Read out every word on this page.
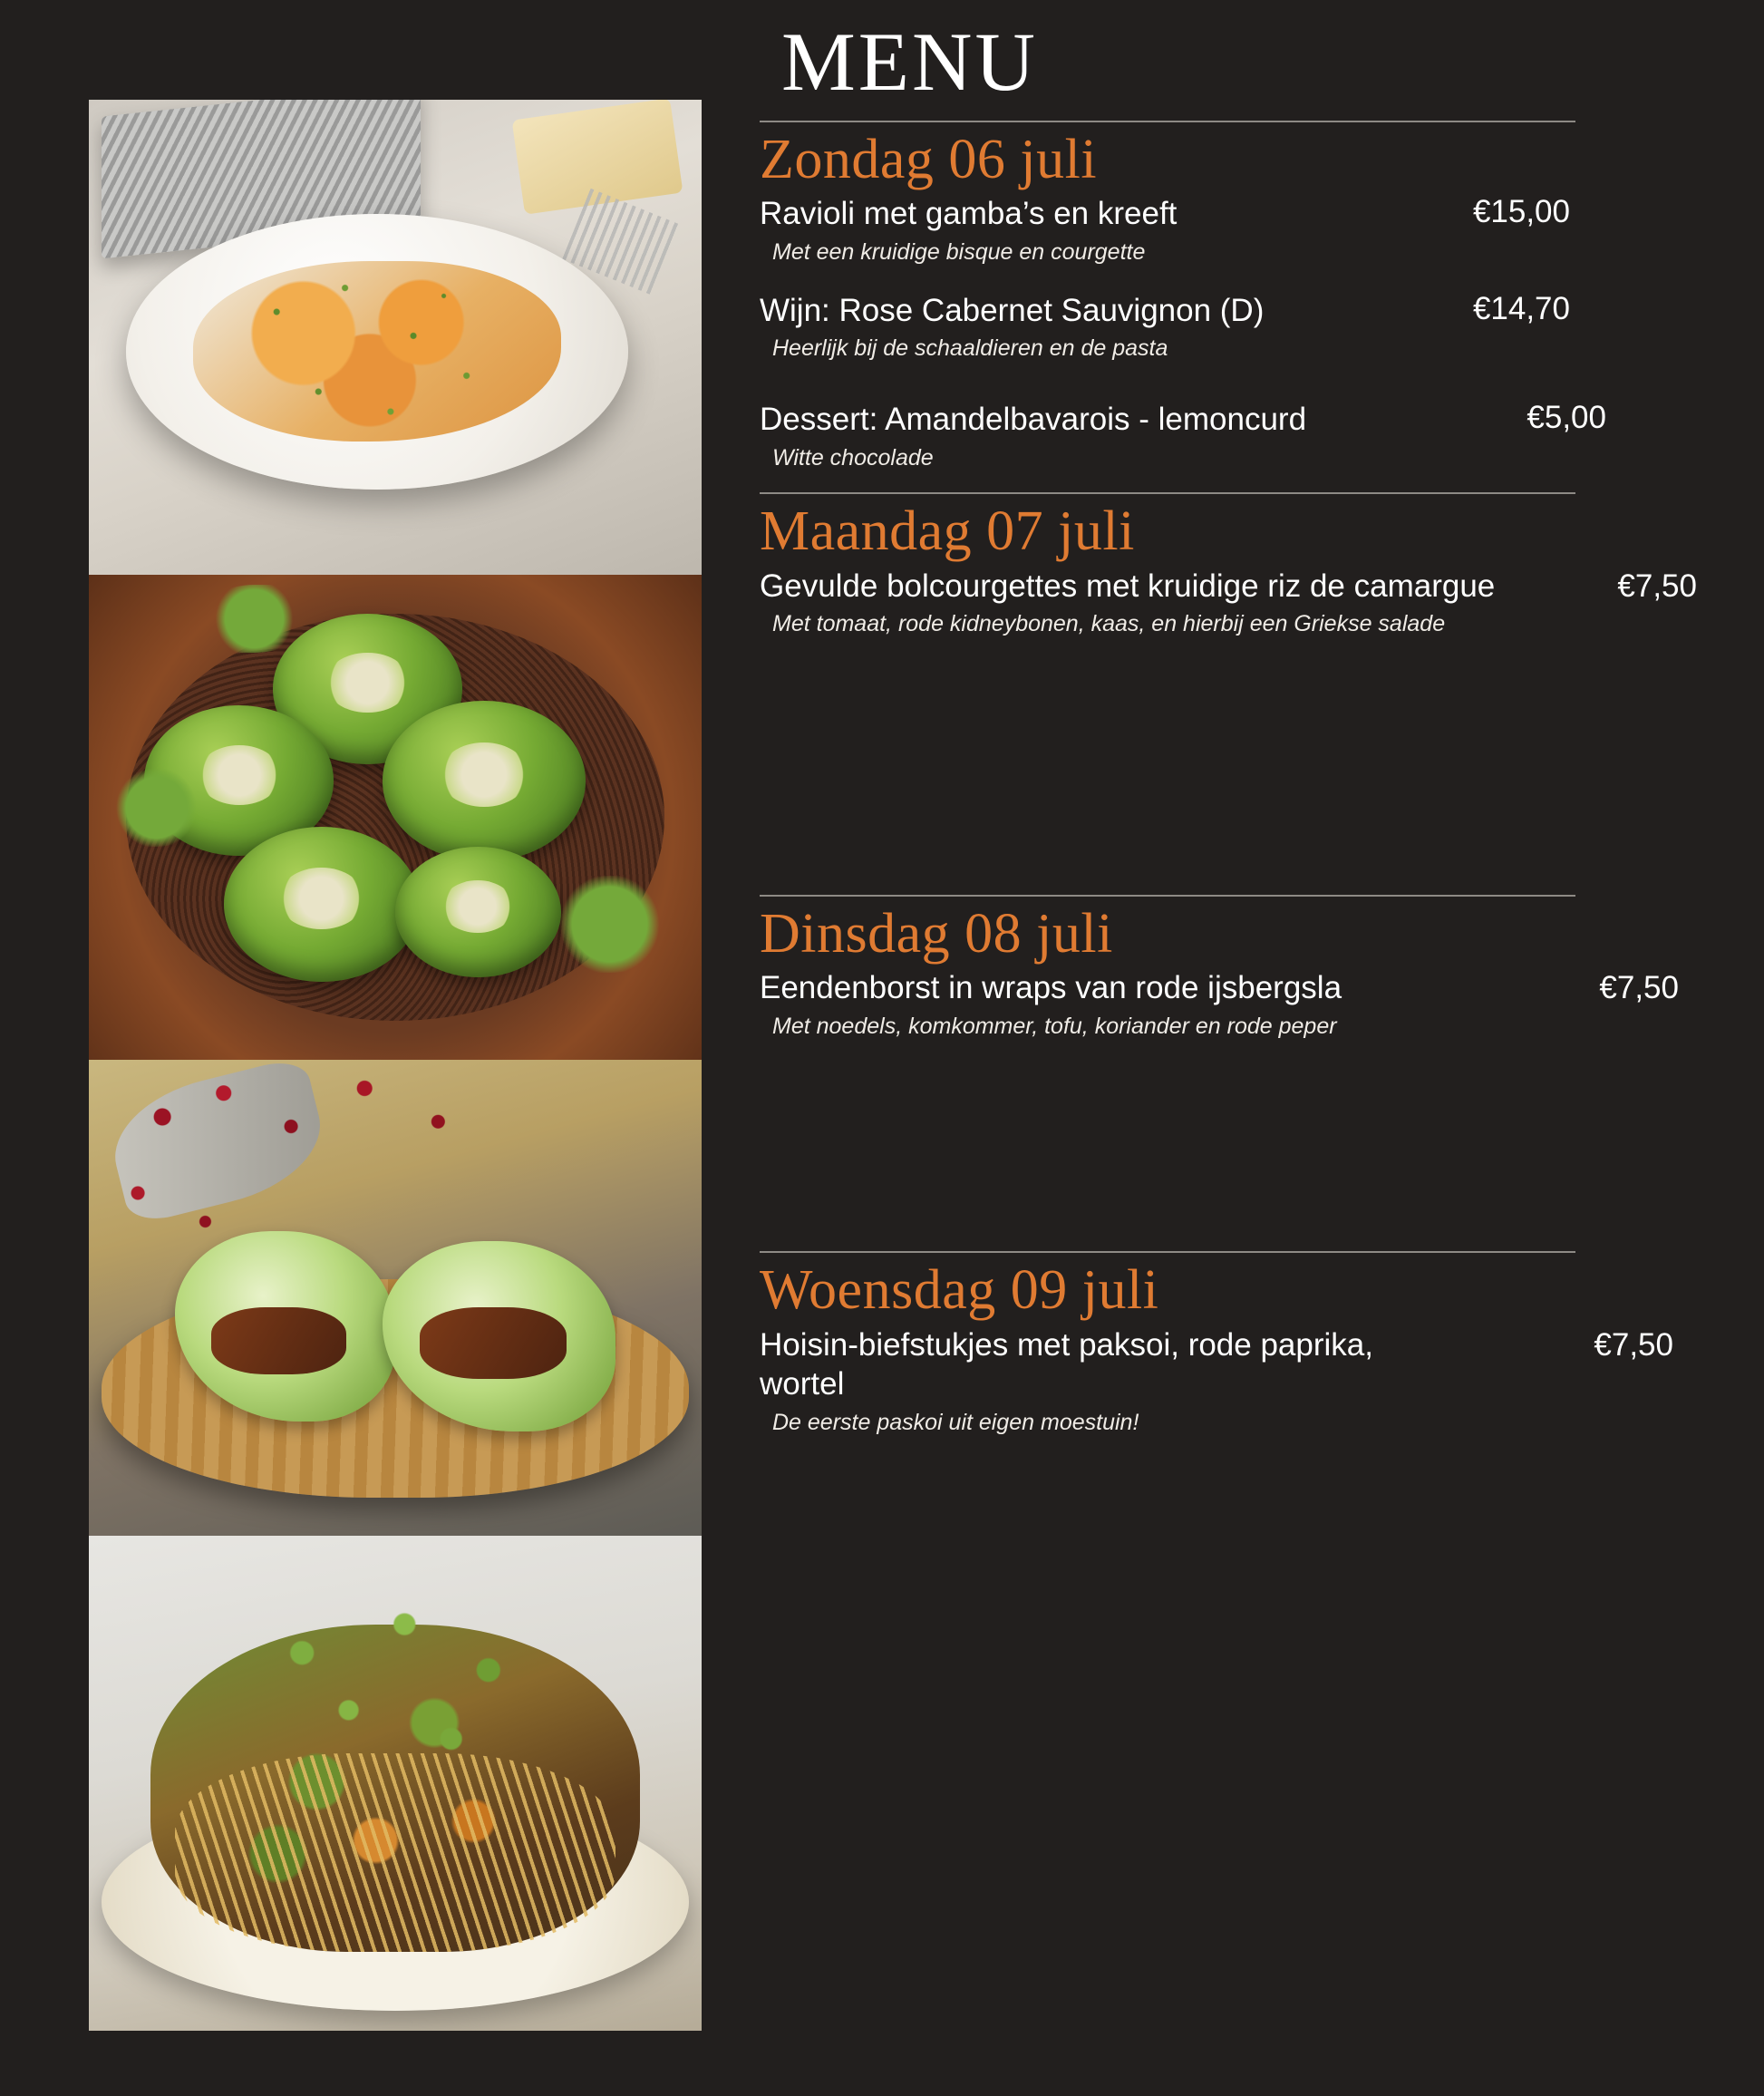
MENU
Zondag 06 juli
Ravioli met gamba’s en kreeft	€15,00
Met een kruidige bisque en courgette
Wijn: Rose Cabernet Sauvignon (D)	€14,70
Heerlijk bij de schaaldieren en de pasta
Dessert: Amandelbavarois - lemoncurd	€5,00
Witte chocolade
Maandag 07 juli
Gevulde bolcourgettes met kruidige riz de camargue	€7,50
Met tomaat, rode kidneybonen, kaas, en hierbij een Griekse salade
Dinsdag 08 juli
Eendenborst in wraps van rode ijsbergsla	€7,50
Met noedels, komkommer, tofu, koriander en rode peper
Woensdag 09 juli
Hoisin-biefstukjes met paksoi, rode paprika, wortel
€7,50
De eerste paskoi uit eigen moestuin!
